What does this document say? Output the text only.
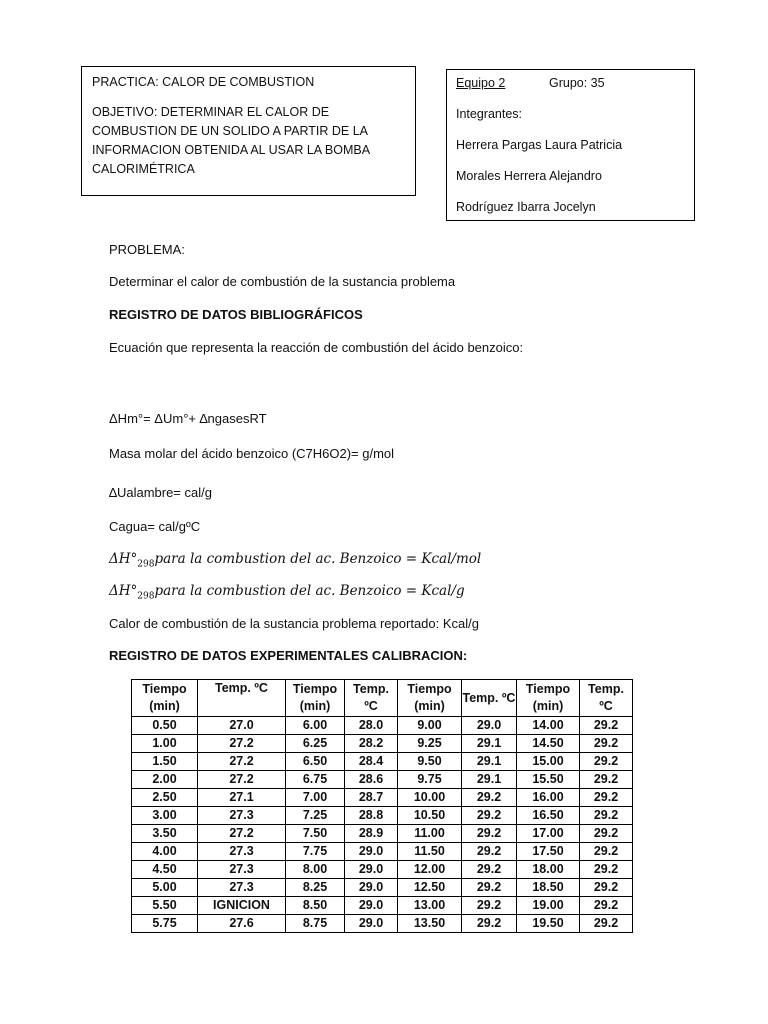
PRACTICA: CALOR DE COMBUSTION

OBJETIVO: DETERMINAR EL CALOR DE COMBUSTION DE UN SOLIDO A PARTIR DE LA INFORMACION OBTENIDA AL USAR LA BOMBA CALORIMÉTRICA

Equipo 2	Grupo: 35
Integrantes:
Herrera Pargas Laura Patricia
Morales Herrera Alejandro
Rodríguez Ibarra Jocelyn
PROBLEMA:
Determinar el calor de combustión de la sustancia problema
REGISTRO DE DATOS BIBLIOGRÁFICOS
Ecuación que representa la reacción de combustión del ácido benzoico:
ΔHm°= ΔUm°+ ∆ngasesRT
Masa molar del ácido benzoico (C7H6O2)= g/mol
∆Ualambre= cal/g
Cagua= cal/gºC
$\Delta H^\circ_{298}para$ la combustion del ac. Benzoico = Kcal/mol
$\Delta H^\circ_{298}para$ la combustion del ac. Benzoico = Kcal/g
Calor de combustión de la sustancia problema reportado: Kcal/g
REGISTRO DE DATOS EXPERIMENTALES CALIBRACION:
Tiempo (min)	Temp. ºC	Tiempo (min)	Temp. ºC	Tiempo (min)	Temp. ºC	Tiempo (min)	Temp. ºC
0.50	27.0	6.00	28.0	9.00	29.0	14.00	29.2
1.00	27.2	6.25	28.2	9.25	29.1	14.50	29.2
1.50	27.2	6.50	28.4	9.50	29.1	15.00	29.2
2.00	27.2	6.75	28.6	9.75	29.1	15.50	29.2
2.50	27.1	7.00	28.7	10.00	29.2	16.00	29.2
3.00	27.3	7.25	28.8	10.50	29.2	16.50	29.2
3.50	27.2	7.50	28.9	11.00	29.2	17.00	29.2
4.00	27.3	7.75	29.0	11.50	29.2	17.50	29.2
4.50	27.3	8.00	29.0	12.00	29.2	18.00	29.2
5.00	27.3	8.25	29.0	12.50	29.2	18.50	29.2
5.50	IGNICION	8.50	29.0	13.00	29.2	19.00	29.2
5.75	27.6	8.75	29.0	13.50	29.2	19.50	29.2
